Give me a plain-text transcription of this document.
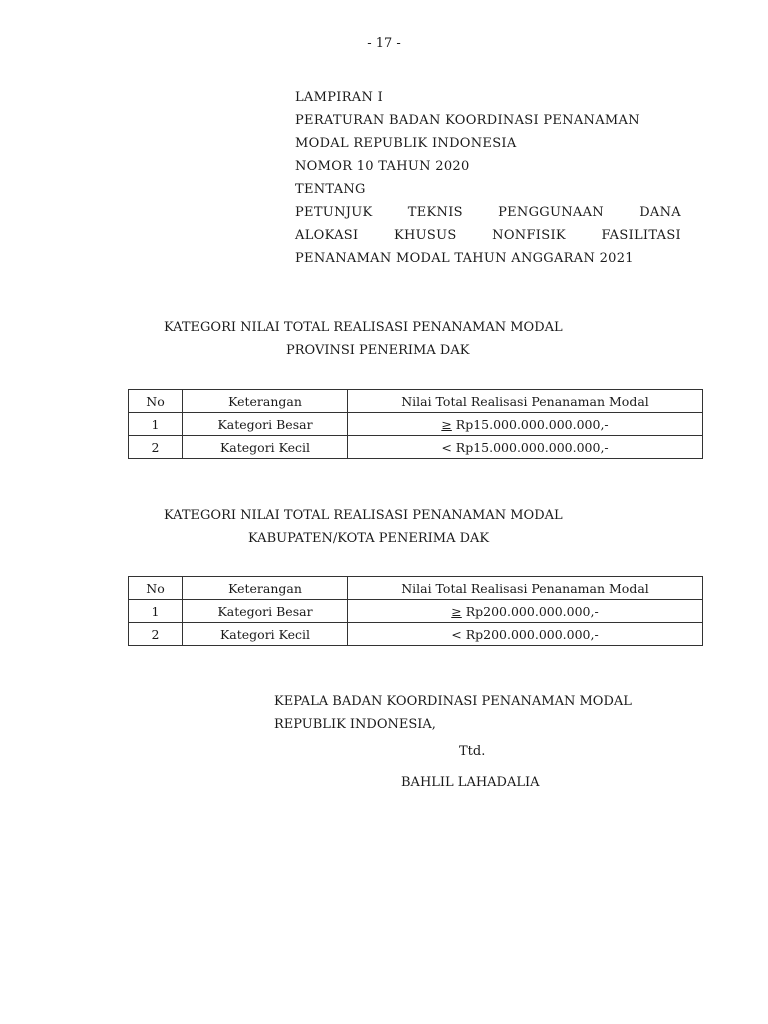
- 17 -
LAMPIRAN I
PERATURAN BADAN KOORDINASI PENANAMAN
MODAL REPUBLIK INDONESIA
NOMOR 10 TAHUN 2020
TENTANG
PETUNJUK	TEKNIS	PENGGUNAAN	DANA
ALOKASI	KHUSUS	NONFISIK	FASILITASI
PENANAMAN MODAL TAHUN ANGGARAN 2021
KATEGORI NILAI TOTAL REALISASI PENANAMAN MODAL
PROVINSI PENERIMA DAK
No	Keterangan	Nilai Total Realisasi Penanaman Modal
1	Kategori Besar	≥ Rp15.000.000.000.000,-
2	Kategori Kecil	< Rp15.000.000.000.000,-
KATEGORI NILAI TOTAL REALISASI PENANAMAN MODAL
KABUPATEN/KOTA PENERIMA DAK
No	Keterangan	Nilai Total Realisasi Penanaman Modal
1	Kategori Besar	≥ Rp200.000.000.000,-
2	Kategori Kecil	< Rp200.000.000.000,-
KEPALA BADAN KOORDINASI PENANAMAN MODAL
REPUBLIK INDONESIA,
Ttd.
BAHLIL LAHADALIA
